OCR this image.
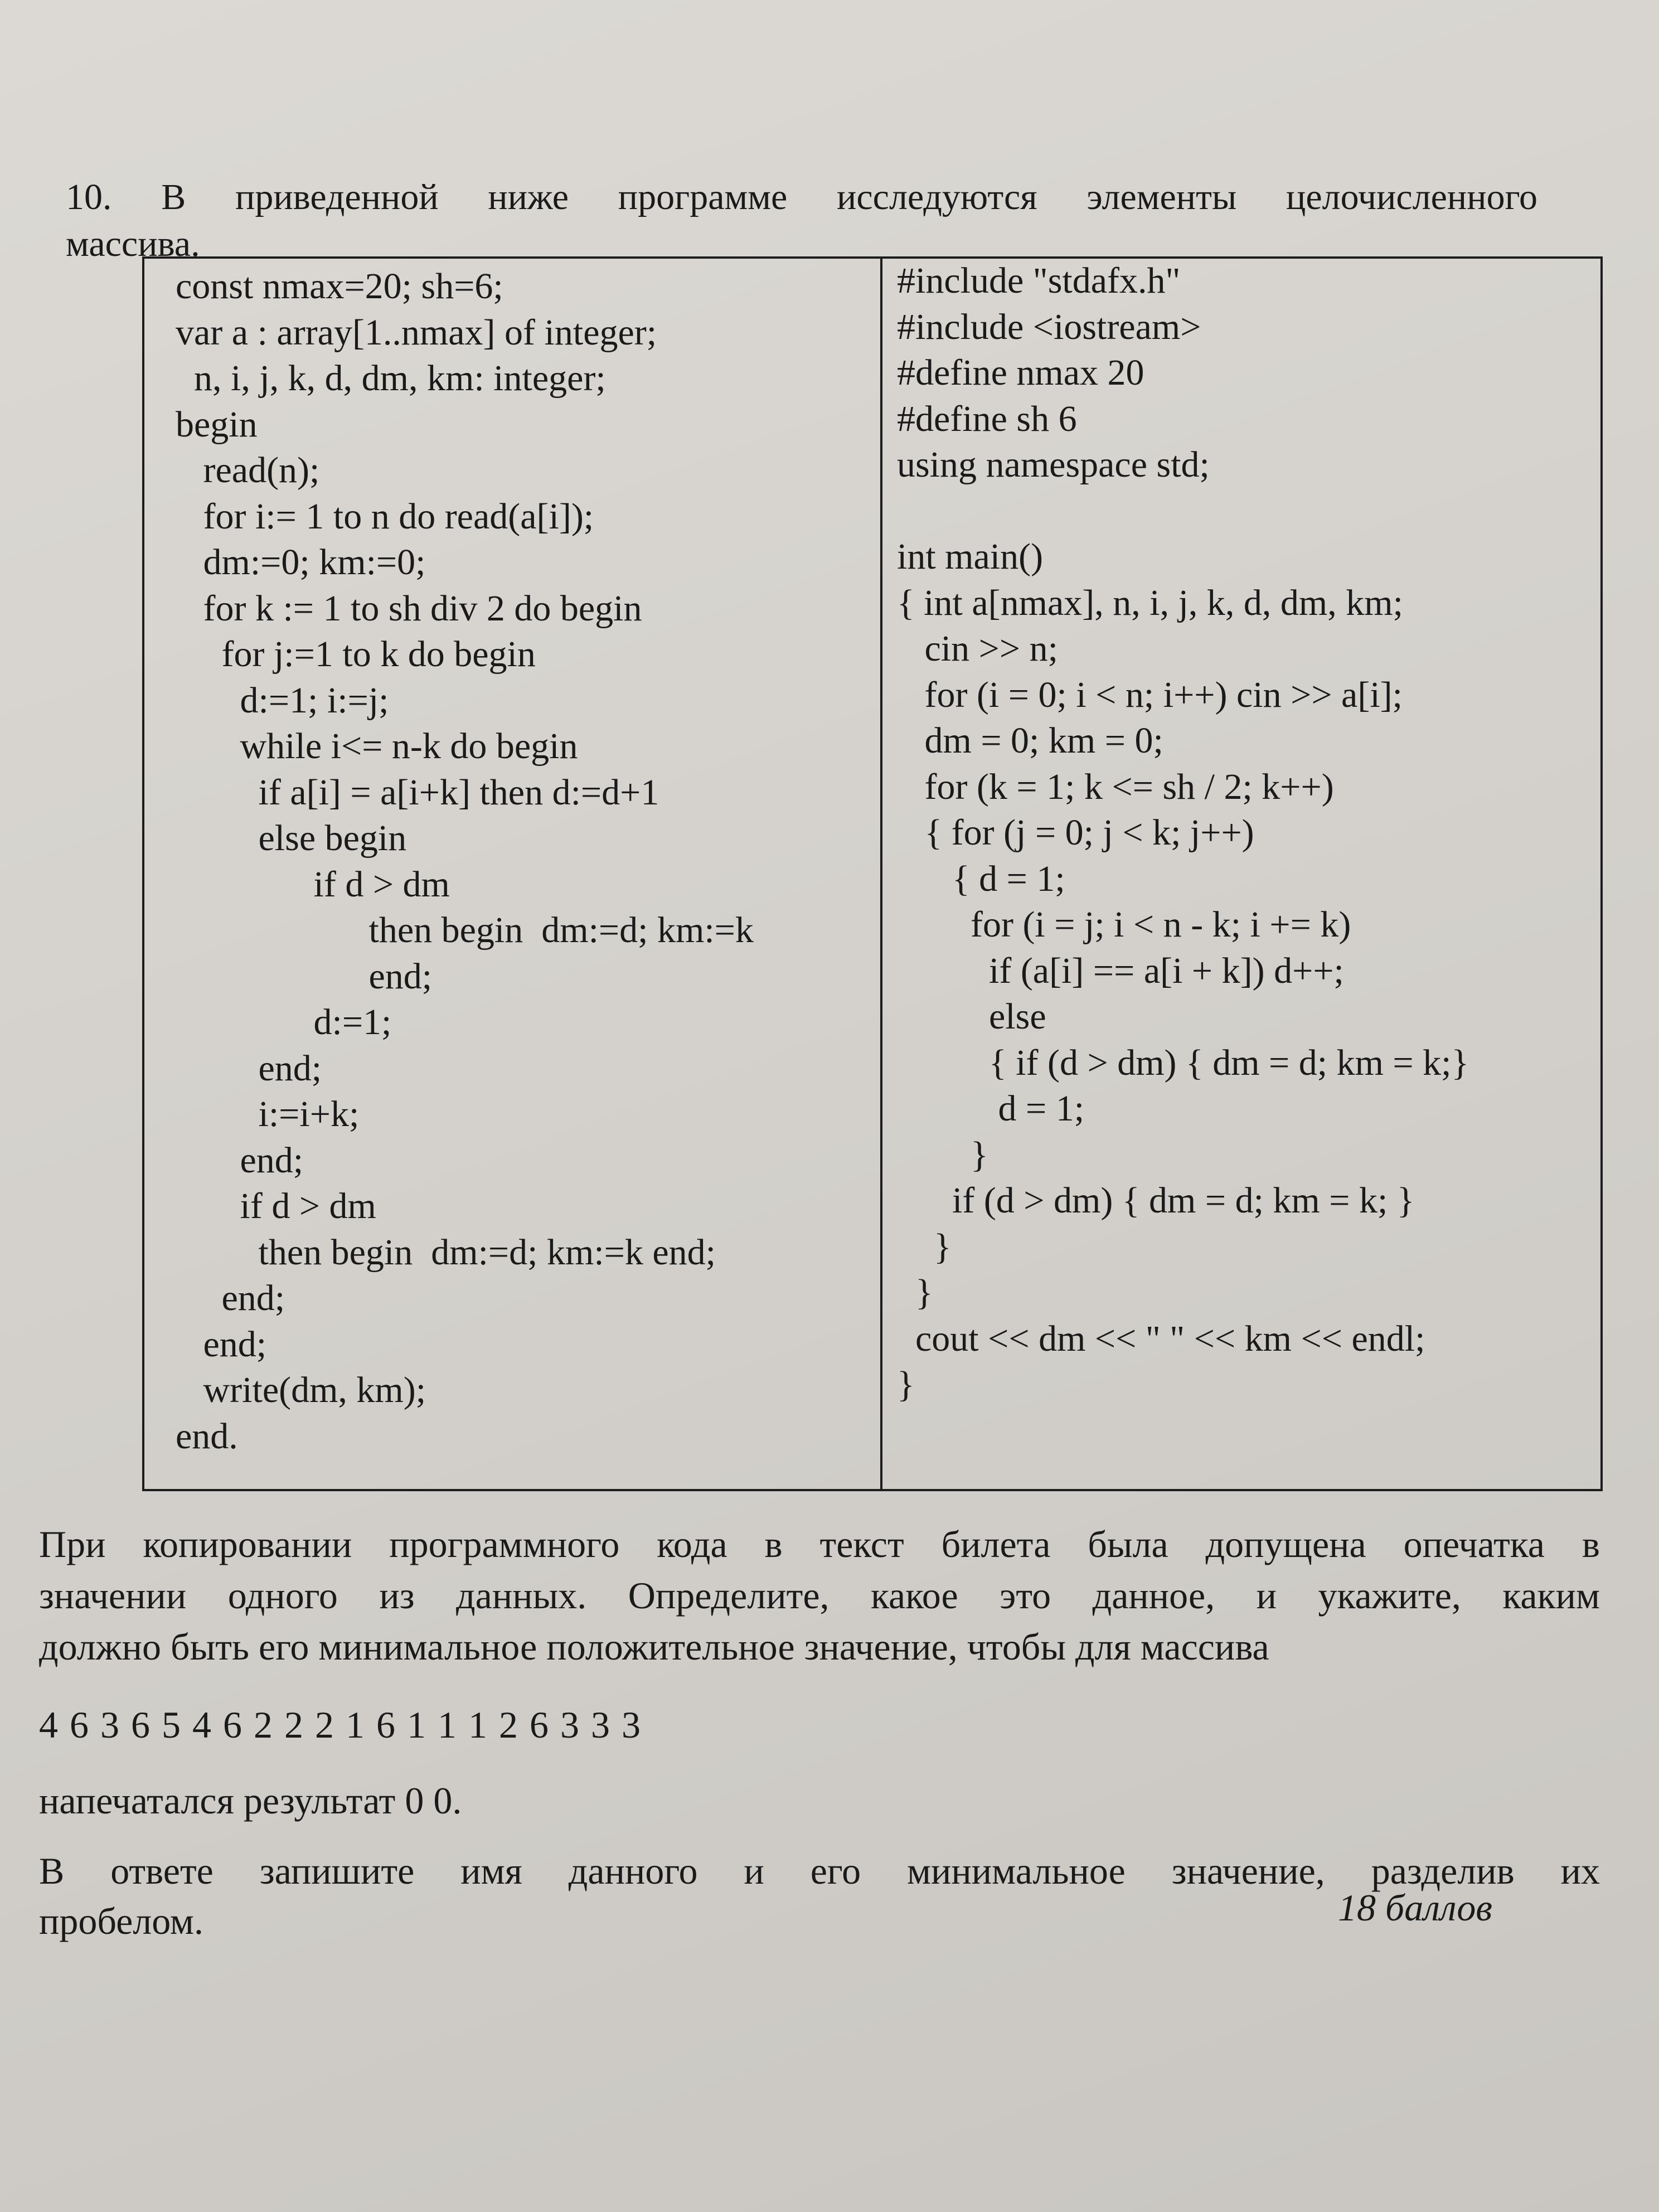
10. В приведенной ниже программе исследуются элементы целочисленного
массива.
const nmax=20; sh=6;
var a : array[1..nmax] of integer;
n, i, j, k, d, dm, km: integer;
begin
read(n);
for i:= 1 to n do read(a[i]);
dm:=0; km:=0;
for k := 1 to sh div 2 do begin
for j:=1 to k do begin
d:=1; i:=j;
while i<= n-k do begin
if a[i] = a[i+k] then d:=d+1
else begin
if d > dm
then begin  dm:=d; km:=k
end;
d:=1;
end;
i:=i+k;
end;
if d > dm
then begin  dm:=d; km:=k end;
end;
end;
write(dm, km);
end.
#include "stdafx.h"
#include <iostream>
#define nmax 20
#define sh 6
using namespace std;
int main()
{ int a[nmax], n, i, j, k, d, dm, km;
cin >> n;
for (i = 0; i < n; i++) cin >> a[i];
dm = 0; km = 0;
for (k = 1; k <= sh / 2; k++)
{ for (j = 0; j < k; j++)
{ d = 1;
for (i = j; i < n - k; i += k)
if (a[i] == a[i + k]) d++;
else
{ if (d > dm) { dm = d; km = k;}
d = 1;
}
if (d > dm) { dm = d; km = k; }
}
}
cout << dm << " " << km << endl;
}
При копировании программного кода в текст билета была допущена опечатка в
значении одного из данных. Определите, какое это данное, и укажите, каким
должно быть его минимальное положительное значение, чтобы для массива
4 6 3 6 5 4 6 2 2 2 1 6 1 1 1 2 6 3 3 3
напечатался результат 0 0.
В ответе запишите имя данного и его минимальное значение, разделив их
пробелом.	18 баллов
